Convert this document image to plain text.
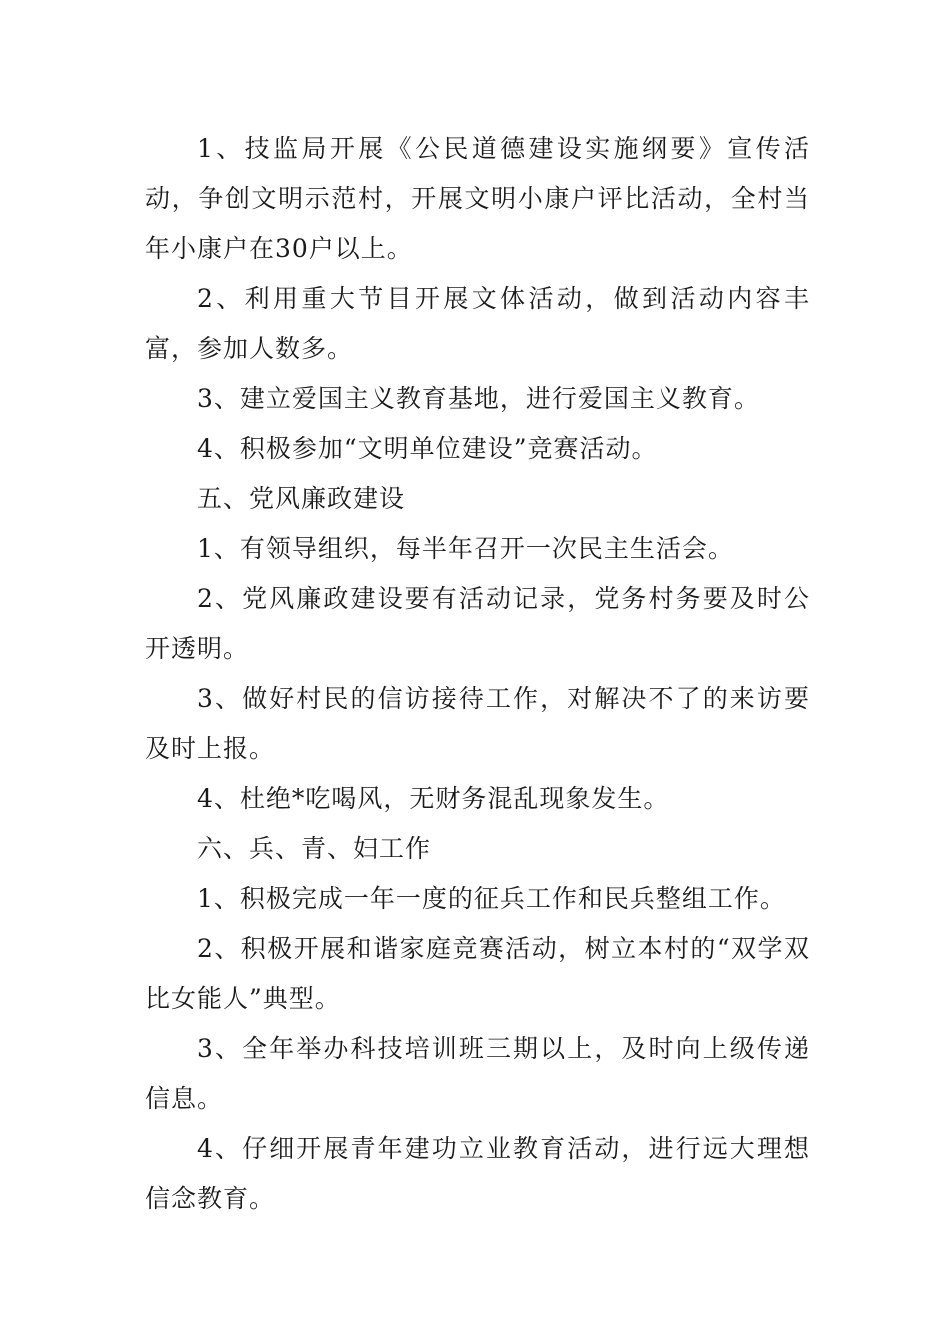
1、技监局开展《公民道德建设实施纲要》宣传活动，争创文明示范村，开展文明小康户评比活动，全村当年小康户在30户以上。

2、利用重大节目开展文体活动，做到活动内容丰富，参加人数多。

3、建立爱国主义教育基地，进行爱国主义教育。

4、积极参加“文明单位建设”竞赛活动。

五、党风廉政建设

1、有领导组织，每半年召开一次民主生活会。

2、党风廉政建设要有活动记录，党务村务要及时公开透明。

3、做好村民的信访接待工作，对解决不了的来访要及时上报。

4、杜绝*吃喝风，无财务混乱现象发生。

六、兵、青、妇工作

1、积极完成一年一度的征兵工作和民兵整组工作。

2、积极开展和谐家庭竞赛活动，树立本村的“双学双比女能人”典型。

3、全年举办科技培训班三期以上，及时向上级传递信息。

4、仔细开展青年建功立业教育活动，进行远大理想信念教育。
